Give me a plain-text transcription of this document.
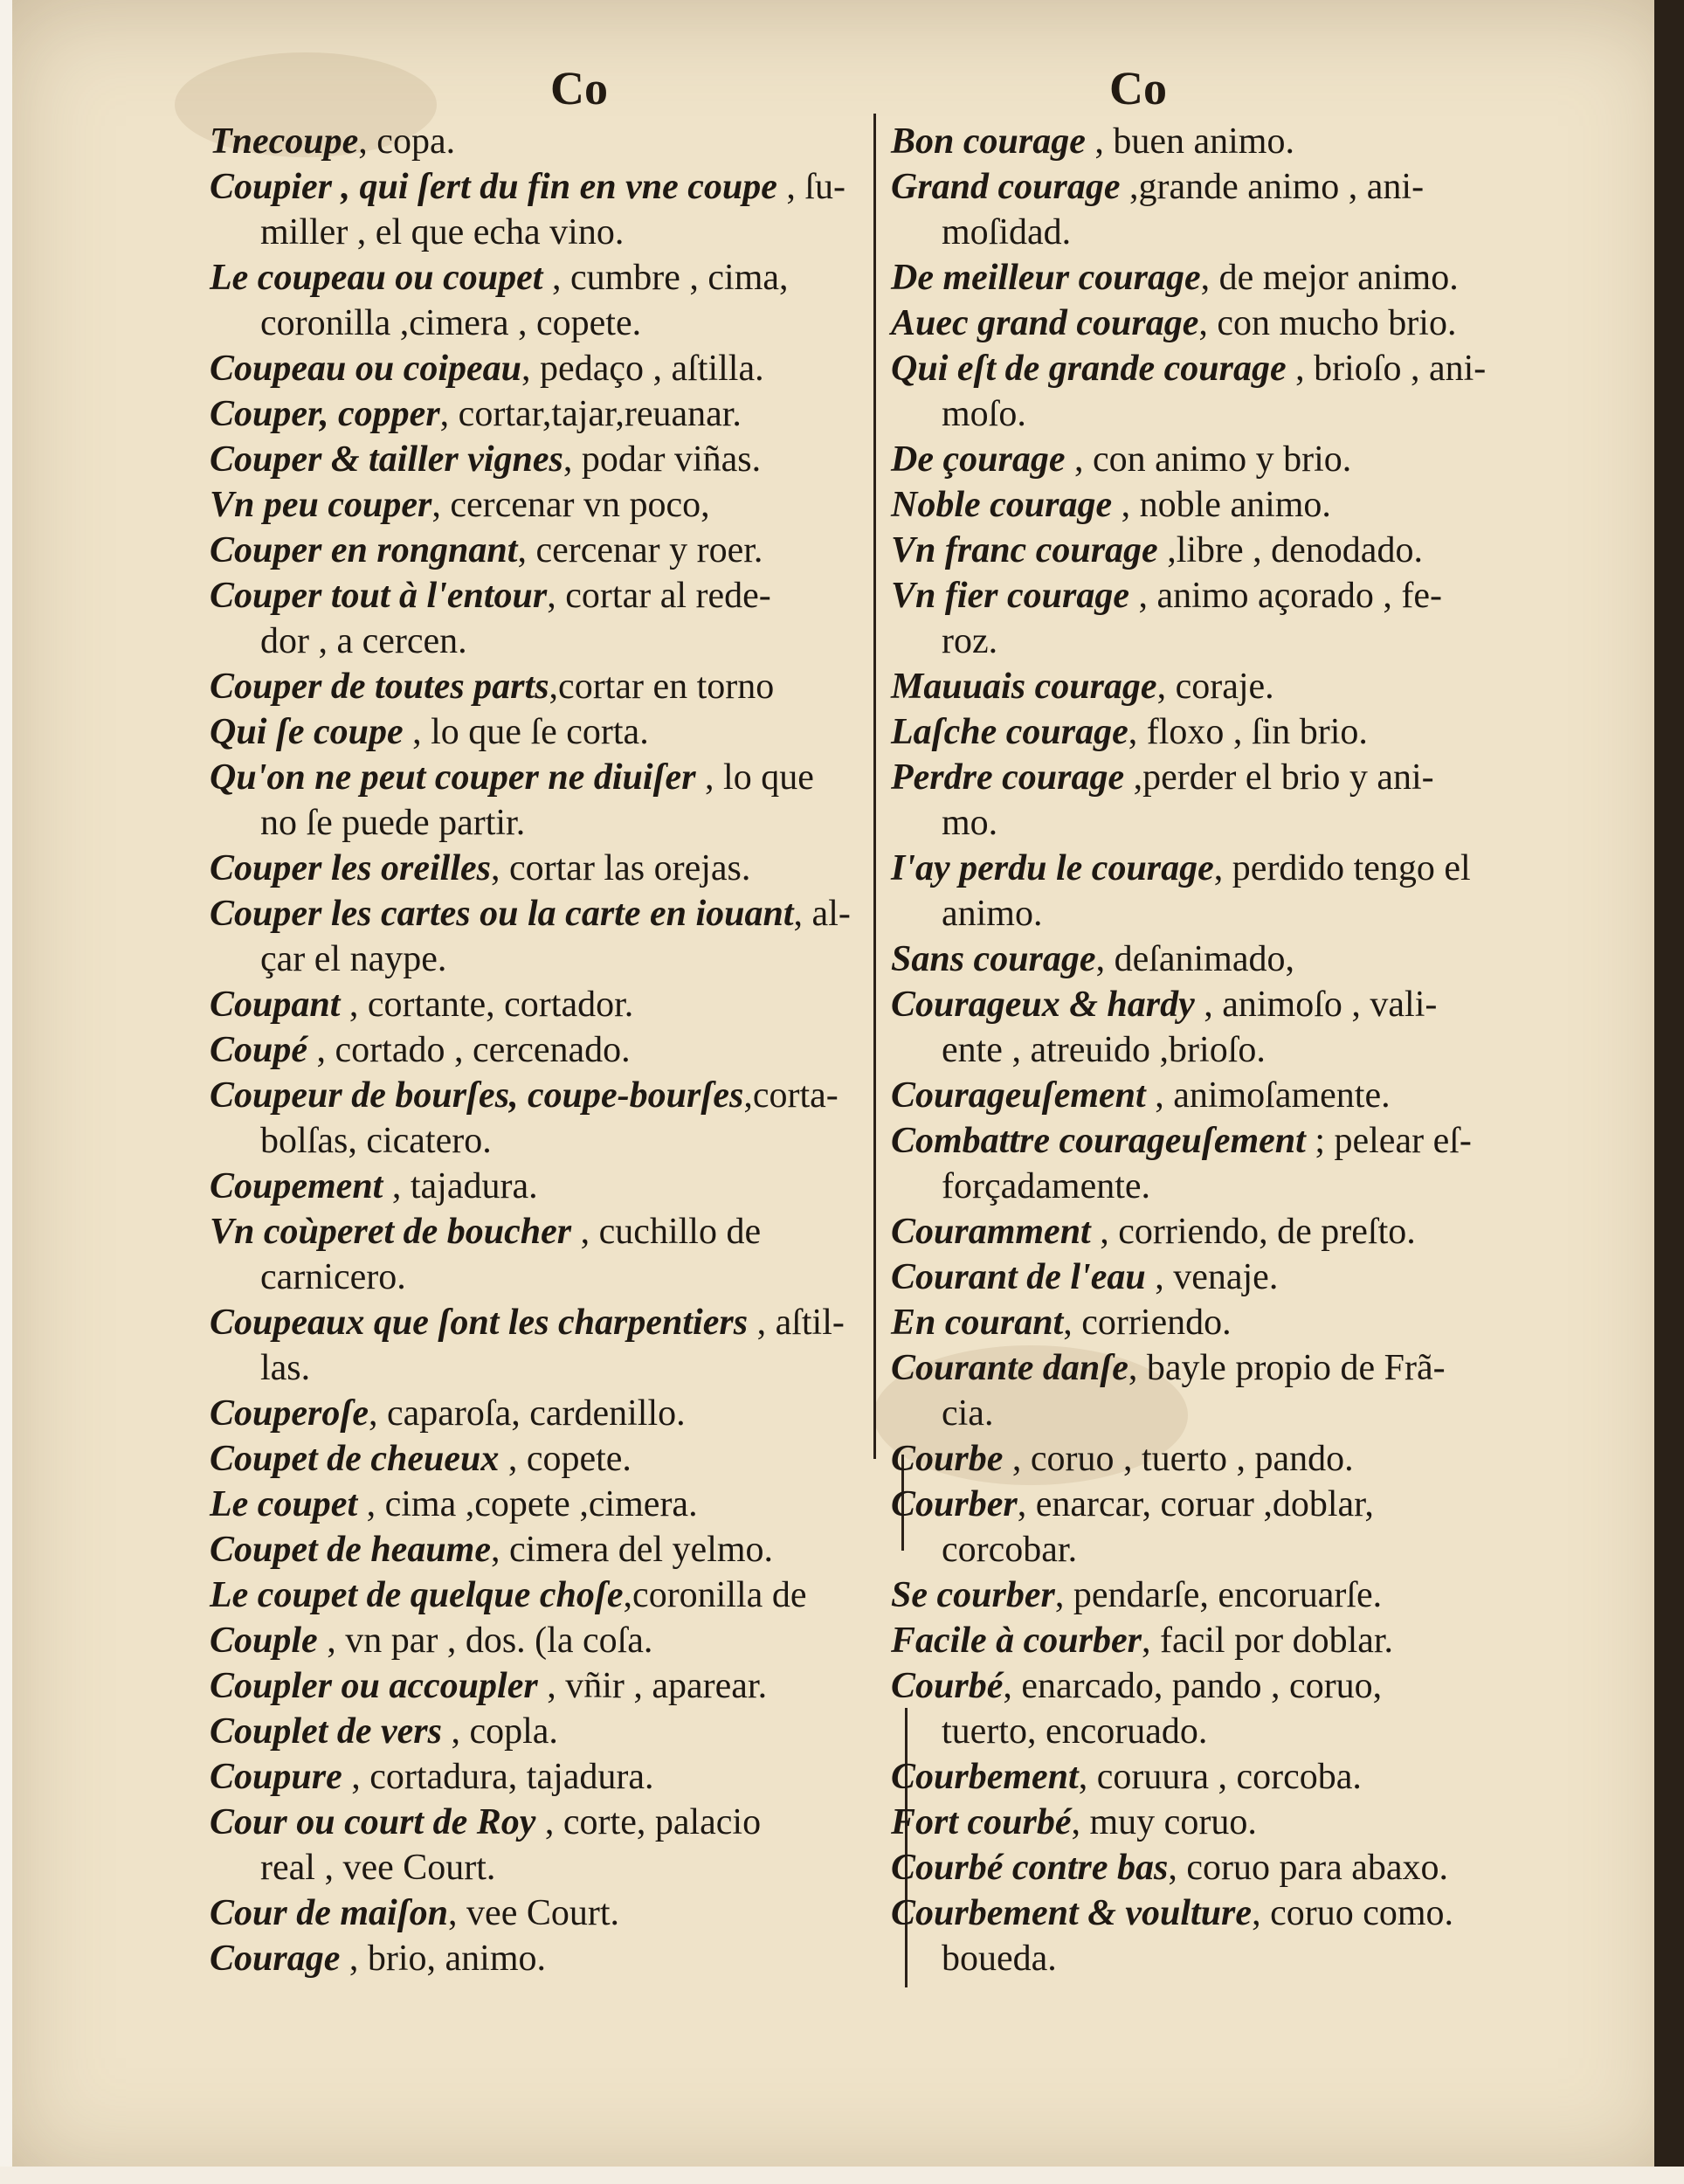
Co	Co
Tnecoupe, copa.
Coupier , qui ſert du fin en vne coupe , ſu-
miller , el que echa vino.
Le coupeau ou coupet , cumbre , cima,
coronilla ,cimera , copete.
Coupeau ou coipeau, pedaço , aſtilla.
Couper, copper, cortar,tajar,reuanar.
Couper & tailler vignes, podar viñas.
Vn peu couper, cercenar vn poco,
Couper en rongnant, cercenar y roer.
Couper tout à l'entour, cortar al rede-
dor , a cercen.
Couper de toutes parts,cortar en torno
Qui ſe coupe , lo que ſe corta.
Qu'on ne peut couper ne diuiſer , lo que
no ſe puede partir.
Couper les oreilles, cortar las orejas.
Couper les cartes ou la carte en iouant, al-
çar el naype.
Coupant , cortante, cortador.
Coupé , cortado , cercenado.
Coupeur de bourſes, coupe-bourſes,corta-
bolſas, cicatero.
Coupement , tajadura.
Vn coùperet de boucher , cuchillo de
carnicero.
Coupeaux que ſont les charpentiers , aſtil-
las.
Couperoſe, caparoſa, cardenillo.
Coupet de cheueux , copete.
Le coupet , cima ,copete ,cimera.
Coupet de heaume, cimera del yelmo.
Le coupet de quelque choſe,coronilla de
Couple , vn par , dos. (la coſa.
Coupler ou accoupler , vñir , aparear.
Couplet de vers , copla.
Coupure , cortadura, tajadura.
Cour ou court de Roy , corte, palacio
real , vee Court.
Cour de maiſon, vee Court.
Courage , brio, animo.
Bon courage , buen animo.
Grand courage ,grande animo , ani-
moſidad.
De meilleur courage, de mejor animo.
Auec grand courage, con mucho brio.
Qui eſt de grande courage , brioſo , ani-
moſo.
De çourage , con animo y brio.
Noble courage , noble animo.
Vn franc courage ,libre , denodado.
Vn fier courage , animo açorado , fe-
roz.
Mauuais courage, coraje.
Laſche courage, floxo , ſin brio.
Perdre courage ,perder el brio y ani-
mo.
I'ay perdu le courage, perdido tengo el
animo.
Sans courage, deſanimado,
Courageux & hardy , animoſo , vali-
ente , atreuido ,brioſo.
Courageuſement , animoſamente.
Combattre courageuſement ; pelear eſ-
forçadamente.
Couramment , corriendo, de preſto.
Courant de l'eau , venaje.
En courant, corriendo.
Courante danſe, bayle propio de Frã-
cia.
Courbe , coruo , tuerto , pando.
Courber, enarcar, coruar ,doblar,
corcobar.
Se courber, pendarſe, encoruarſe.
Facile à courber, facil por doblar.
Courbé, enarcado, pando , coruo,
tuerto, encoruado.
Courbement, coruura , corcoba.
Fort courbé, muy coruo.
Courbé contre bas, coruo para abaxo.
Courbement & voulture, coruo como.
boueda.
